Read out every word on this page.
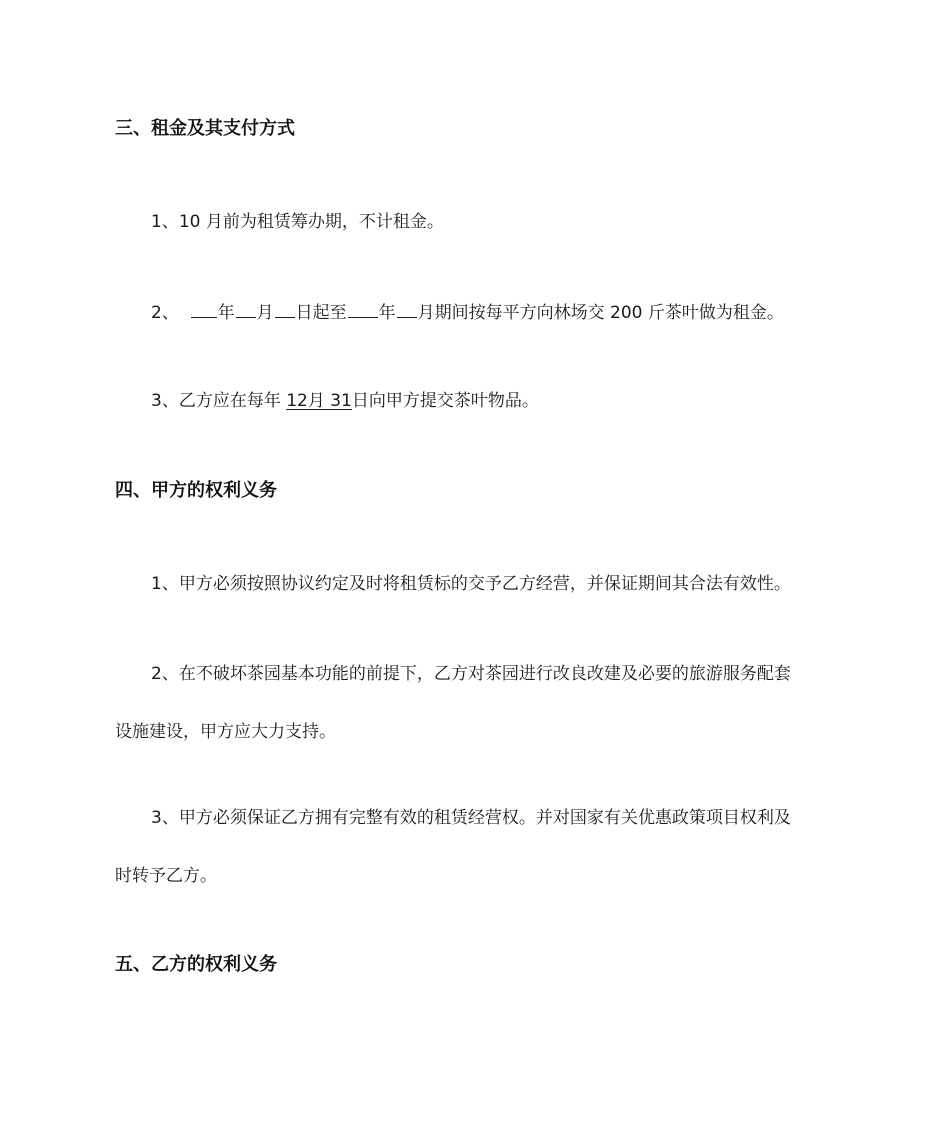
三、租金及其支付方式
1、10 月前为租赁筹办期，不计租金。
2、 年 月 日起至 年 月期间按每平方向林场交 200 斤茶叶做为租金。
3、乙方应在每年 12月 31日向甲方提交茶叶物品。
四、甲方的权利义务
1、甲方必须按照协议约定及时将租赁标的交予乙方经营，并保证期间其合法有效性。
2、在不破坏茶园基本功能的前提下，乙方对茶园进行改良改建及必要的旅游服务配套
设施建设，甲方应大力支持。
3、甲方必须保证乙方拥有完整有效的租赁经营权。并对国家有关优惠政策项目权利及
时转予乙方。
五、乙方的权利义务
